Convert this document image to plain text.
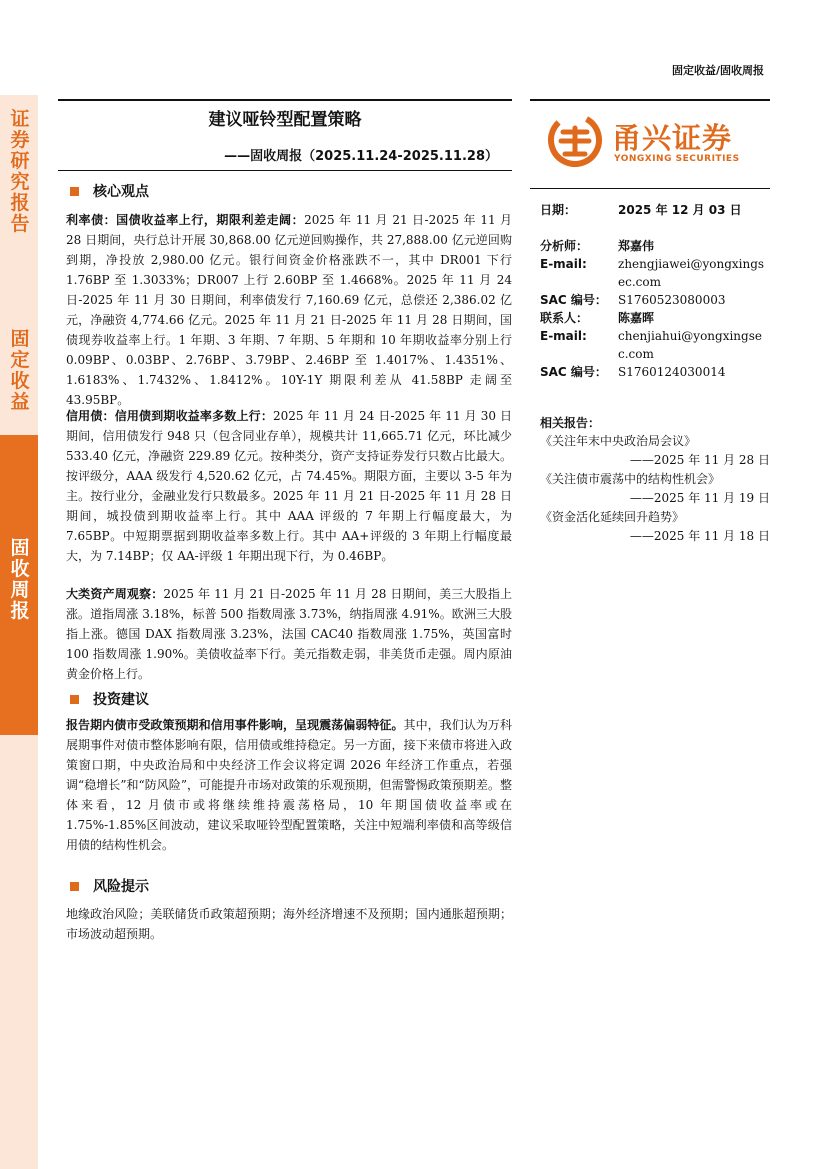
证券研究报告
固定收益
固收周报
固定收益/固收周报
建议哑铃型配置策略
——固收周报（2025.11.24-2025.11.28）
甬兴证券
YONGXING SECURITIES
核心观点
利率债：国债收益率上行，期限利差走阔：2025 年 11 月 21 日-2025 年 11 月 28 日期间，央行总计开展 30,868.00 亿元逆回购操作，共 27,888.00 亿元逆回购到期，净投放 2,980.00 亿元。银行间资金价格涨跌不一，其中 DR001 下行 1.76BP 至 1.3033%；DR007 上行 2.60BP 至 1.4668%。2025 年 11 月 24 日-2025 年 11 月 30 日期间，利率债发行 7,160.69 亿元，总偿还 2,386.02 亿元，净融资 4,774.66 亿元。2025 年 11 月 21 日-2025 年 11 月 28 日期间，国债现券收益率上行。1 年期、3 年期、7 年期、5 年期和 10 年期收益率分别上行 0.09BP、0.03BP、2.76BP、3.79BP、2.46BP 至 1.4017%、1.4351%、1.6183%、1.7432%、1.8412%。10Y-1Y 期限利差从 41.58BP 走阔至 43.95BP。
信用债：信用债到期收益率多数上行：2025 年 11 月 24 日-2025 年 11 月 30 日期间，信用债发行 948 只（包含同业存单），规模共计 11,665.71 亿元，环比减少 533.40 亿元，净融资 229.89 亿元。按种类分，资产支持证券发行只数占比最大。按评级分，AAA 级发行 4,520.62 亿元，占 74.45%。期限方面，主要以 3-5 年为主。按行业分，金融业发行只数最多。2025 年 11 月 21 日-2025 年 11 月 28 日期间，城投债到期收益率上行。其中 AAA 评级的 7 年期上行幅度最大，为 7.65BP。中短期票据到期收益率多数上行。其中 AA+评级的 3 年期上行幅度最大，为 7.14BP；仅 AA-评级 1 年期出现下行，为 0.46BP。
大类资产周观察：2025 年 11 月 21 日-2025 年 11 月 28 日期间，美三大股指上涨。道指周涨 3.18%，标普 500 指数周涨 3.73%，纳指周涨 4.91%。欧洲三大股指上涨。德国 DAX 指数周涨 3.23%，法国 CAC40 指数周涨 1.75%，英国富时 100 指数周涨 1.90%。美债收益率下行。美元指数走弱，非美货币走强。周内原油黄金价格上行。
投资建议
报告期内债市受政策预期和信用事件影响，呈现震荡偏弱特征。其中，我们认为万科展期事件对债市整体影响有限，信用债或维持稳定。另一方面，接下来债市将进入政策窗口期，中央政治局和中央经济工作会议将定调 2026 年经济工作重点，若强调“稳增长”和“防风险”，可能提升市场对政策的乐观预期，但需警惕政策预期差。整体来看，12 月债市或将继续维持震荡格局，10 年期国债收益率或在 1.75%-1.85%区间波动，建议采取哑铃型配置策略，关注中短端利率债和高等级信用债的结构性机会。
风险提示
地缘政治风险；美联储货币政策超预期；海外经济增速不及预期；国内通胀超预期；市场波动超预期。
日期：	2025 年 12 月 03 日
分析师： 郑嘉伟
E-mail:	zhengjiawei@yongxingsec.com
SAC 编号： S1760523080003
联系人： 陈嘉晖
E-mail:	chenjiahui@yongxingsec.com
SAC 编号： S1760124030014
相关报告：
《关注年末中央政治局会议》
——2025 年 11 月 28 日
《关注债市震荡中的结构性机会》
——2025 年 11 月 19 日
《资金活化延续回升趋势》
——2025 年 11 月 18 日
